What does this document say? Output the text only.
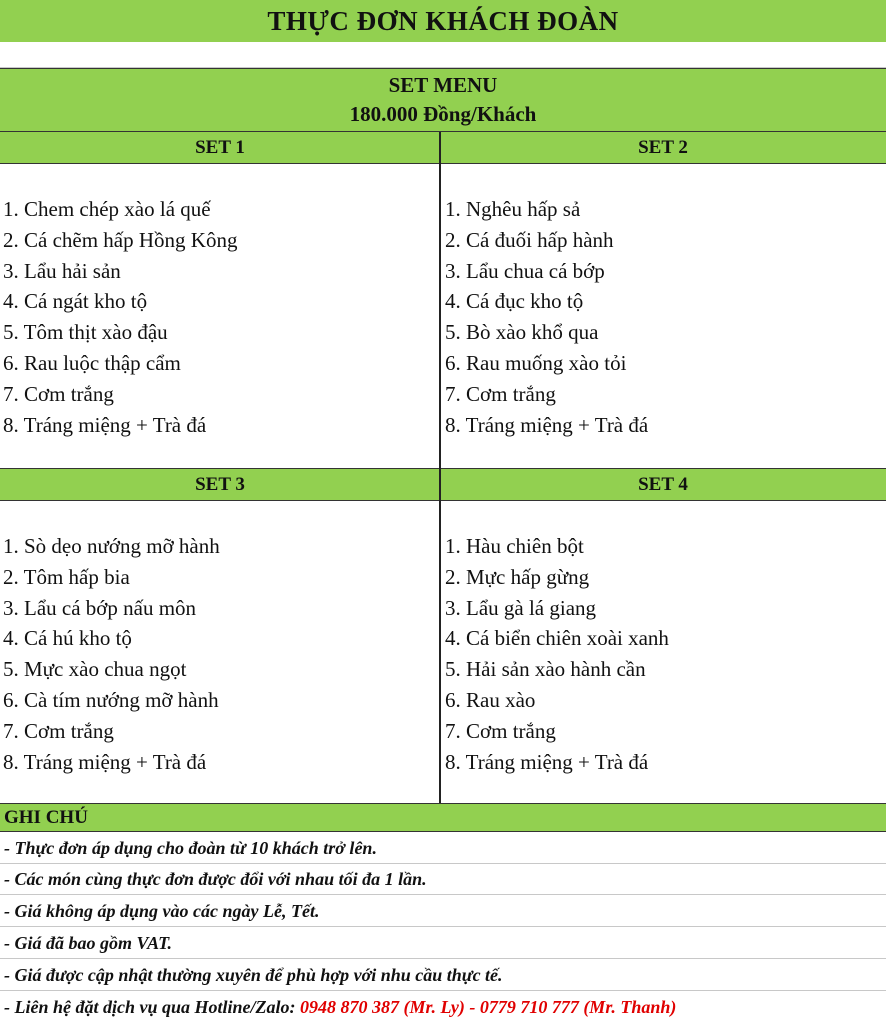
THỰC ĐƠN KHÁCH ĐOÀN
SET MENU
180.000 Đồng/Khách
SET 1	SET 2
1. Chem chép xào lá quế
2. Cá chẽm hấp Hồng Kông
3. Lẩu hải sản
4. Cá ngát kho tộ
5. Tôm thịt xào đậu
6. Rau luộc thập cẩm
7. Cơm trắng
8. Tráng miệng + Trà đá
1. Nghêu hấp sả
2. Cá đuối hấp hành
3. Lẩu chua cá bớp
4. Cá đục kho tộ
5. Bò xào khổ qua
6. Rau muống xào tỏi
7. Cơm trắng
8. Tráng miệng + Trà đá
SET 3	SET 4
1. Sò dẹo nướng mỡ hành
2. Tôm hấp bia
3. Lẩu cá bớp nấu môn
4. Cá hú kho tộ
5. Mực xào chua ngọt
6. Cà tím nướng mỡ hành
7. Cơm trắng
8. Tráng miệng + Trà đá
1. Hàu chiên bột
2. Mực hấp gừng
3. Lẩu gà lá giang
4. Cá biển chiên xoài xanh
5. Hải sản xào hành cần
6. Rau xào
7. Cơm trắng
8. Tráng miệng + Trà đá
GHI CHÚ
- Thực đơn áp dụng cho đoàn từ 10 khách trở lên.
- Các món cùng thực đơn được đổi với nhau tối đa 1 lần.
- Giá không áp dụng vào các ngày Lễ, Tết.
- Giá đã bao gồm VAT.
- Giá được cập nhật thường xuyên để phù hợp với nhu cầu thực tế.
- Liên hệ đặt dịch vụ qua Hotline/Zalo:
0948 870 387 (Mr. Ly) - 0779 710 777 (Mr. Thanh)
